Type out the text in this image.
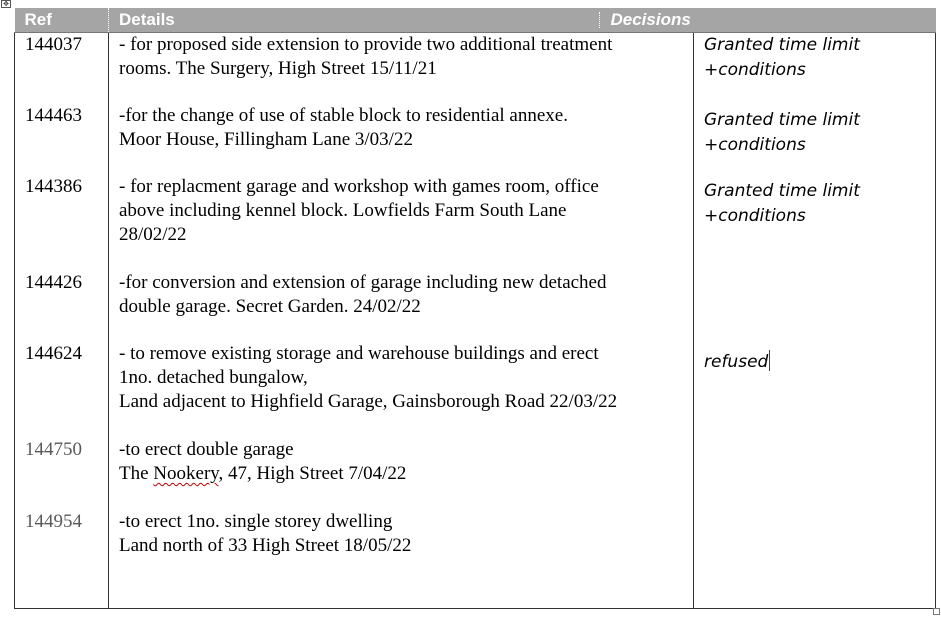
✥
Ref	Details	Decisions

144037	- for proposed side extension to provide two additional treatment
rooms. The Surgery, High Street 15/11/21	Granted time limit
+conditions

144463	-for the change of use of stable block to residential annexe.
Moor House, Fillingham Lane 3/03/22	Granted time limit
+conditions

144386	- for replacment garage and workshop with games room, office
above including kennel block. Lowfields Farm South Lane
28/02/22	Granted time limit
+conditions

144426	-for conversion and extension of garage including new detached
double garage. Secret Garden. 24/02/22	

144624	- to remove existing storage and warehouse buildings and erect
1no. detached bungalow,
Land adjacent to Highfield Garage, Gainsborough Road 22/03/22	refused

144750	-to erect double garage
The Nookery, 47, High Street 7/04/22	

144954	-to erect 1no. single storey dwelling
Land north of 33 High Street 18/05/22	
